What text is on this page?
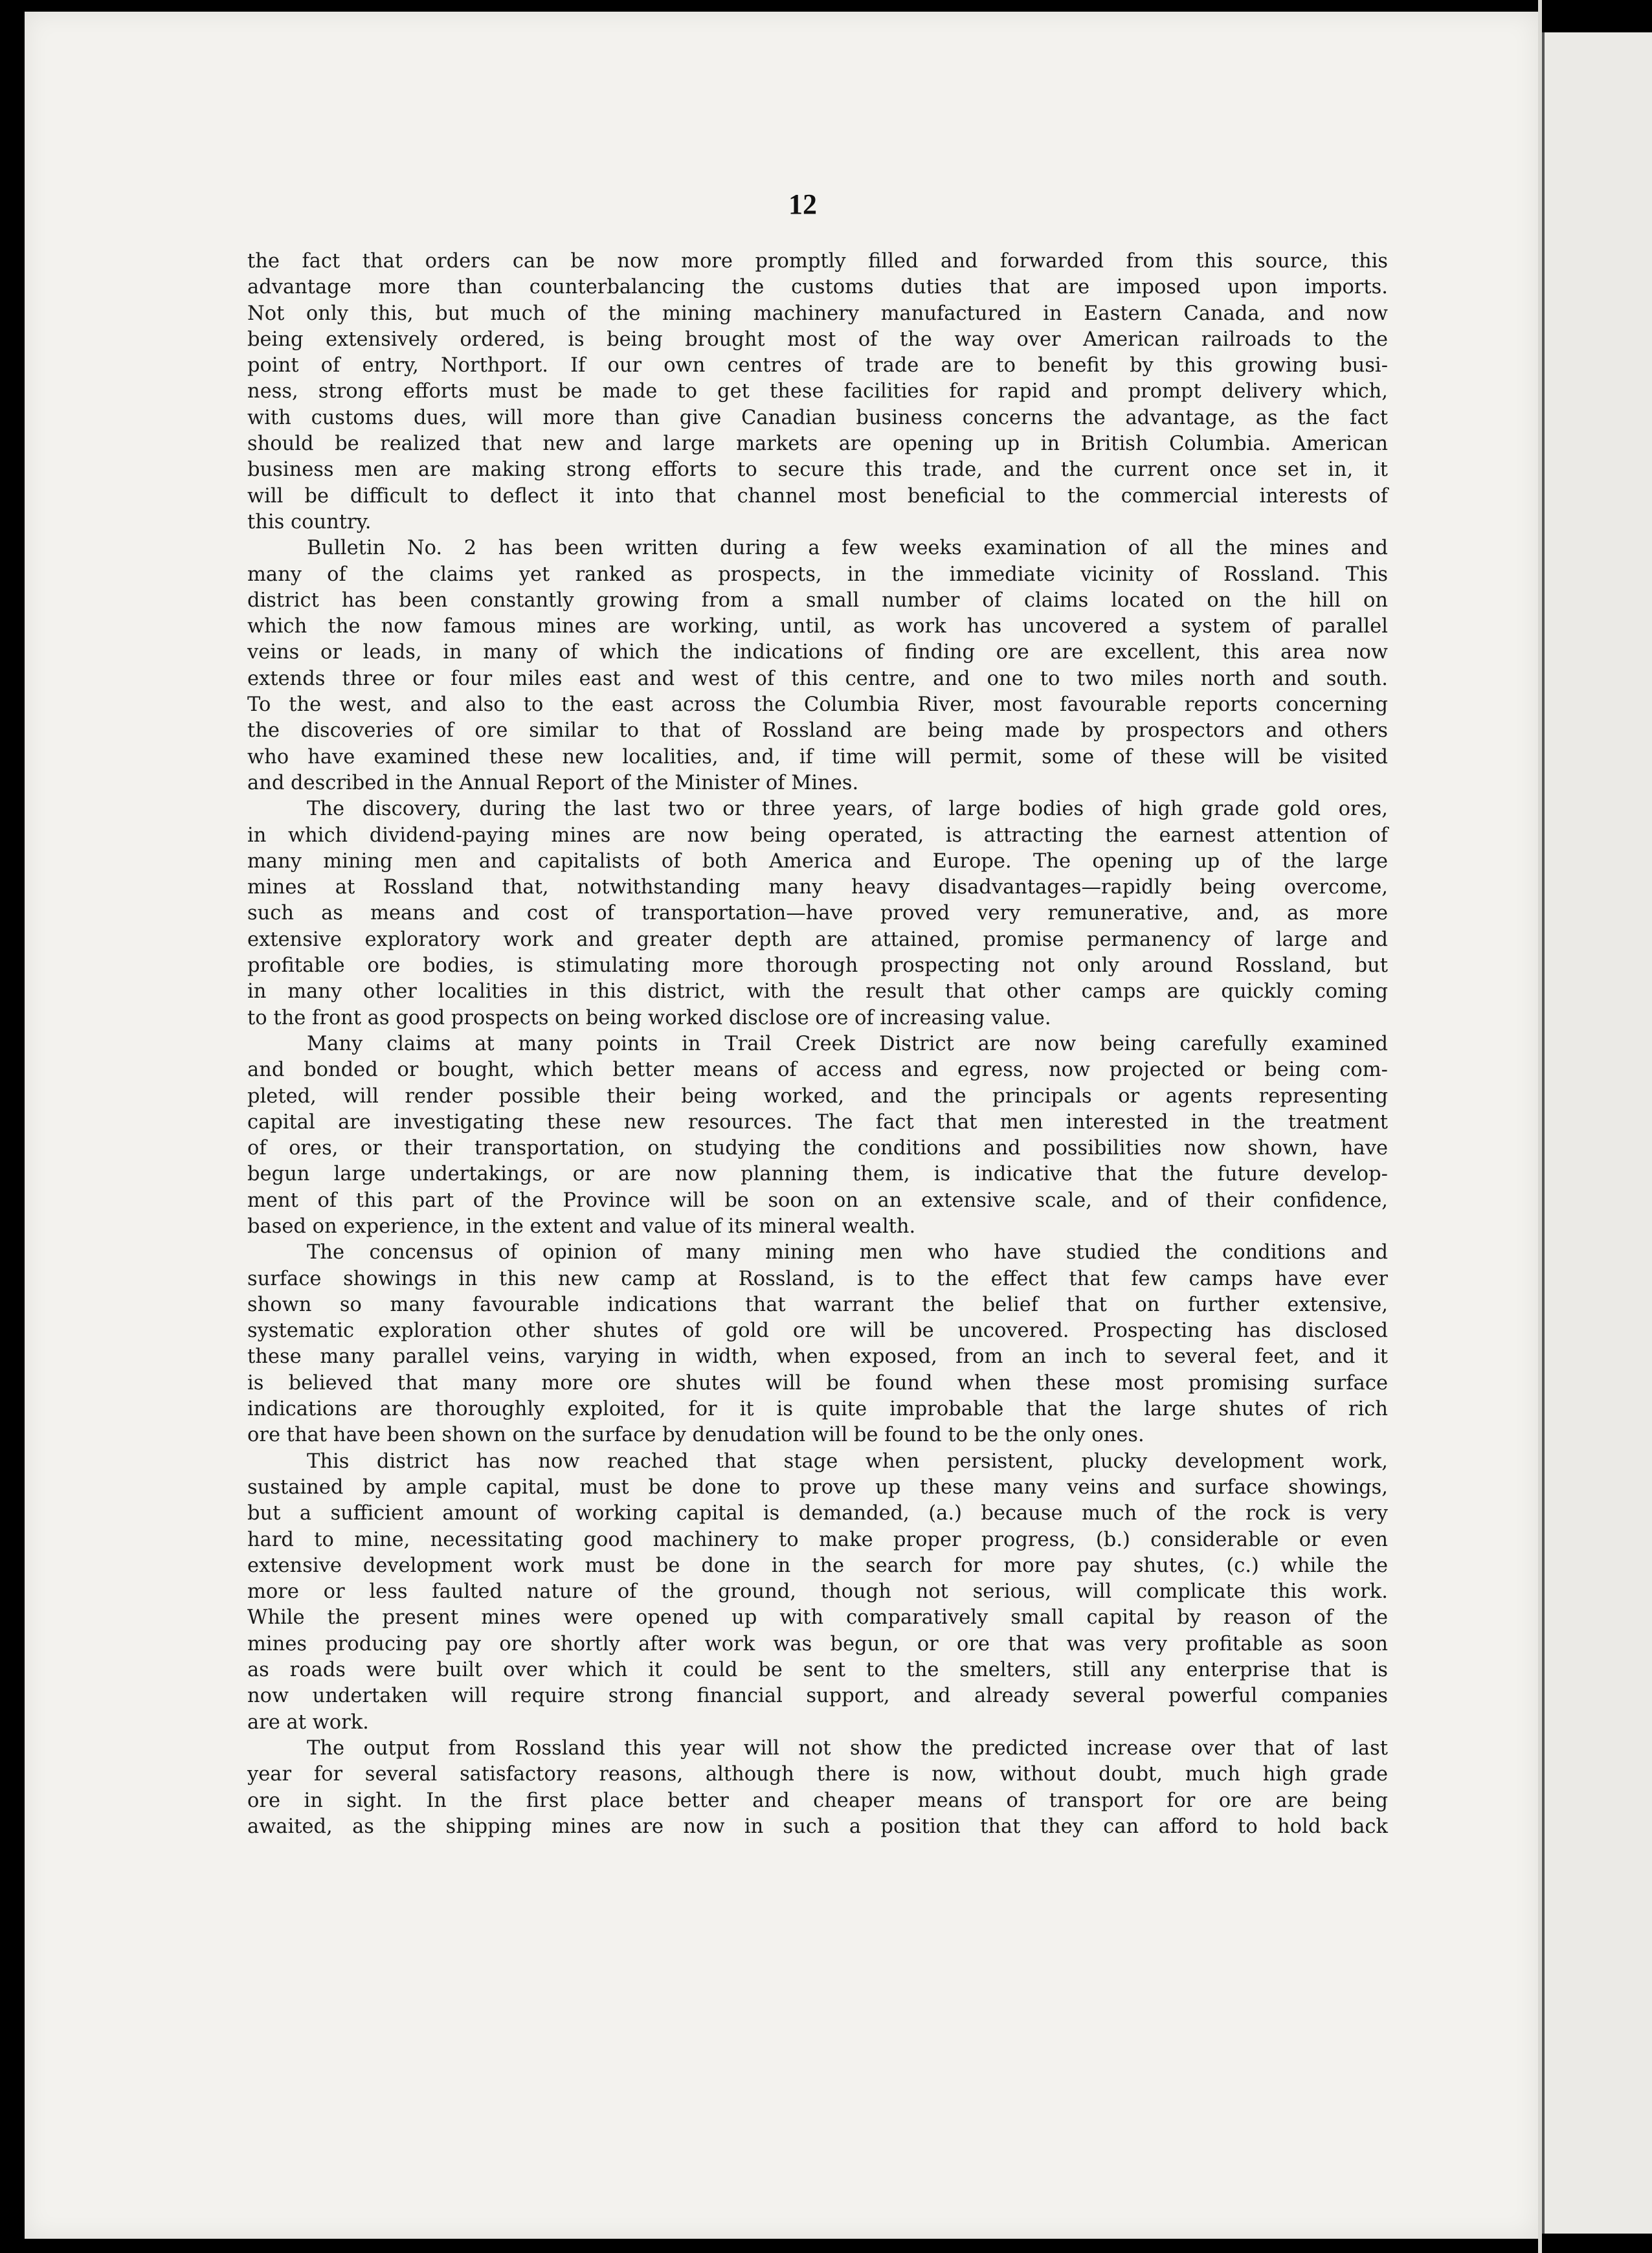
12
the fact that orders can be now more promptly filled and forwarded from this source, this
advantage more than counterbalancing the customs duties that are imposed upon imports.
Not only this, but much of the mining machinery manufactured in Eastern Canada, and now
being extensively ordered, is being brought most of the way over American railroads to the
point of entry, Northport. If our own centres of trade are to benefit by this growing busi-
ness, strong efforts must be made to get these facilities for rapid and prompt delivery which,
with customs dues, will more than give Canadian business concerns the advantage, as the fact
should be realized that new and large markets are opening up in British Columbia. American
business men are making strong efforts to secure this trade, and the current once set in, it
will be difficult to deflect it into that channel most beneficial to the commercial interests of
this country.
Bulletin No. 2 has been written during a few weeks examination of all the mines and
many of the claims yet ranked as prospects, in the immediate vicinity of Rossland. This
district has been constantly growing from a small number of claims located on the hill on
which the now famous mines are working, until, as work has uncovered a system of parallel
veins or leads, in many of which the indications of finding ore are excellent, this area now
extends three or four miles east and west of this centre, and one to two miles north and south.
To the west, and also to the east across the Columbia River, most favourable reports concerning
the discoveries of ore similar to that of Rossland are being made by prospectors and others
who have examined these new localities, and, if time will permit, some of these will be visited
and described in the Annual Report of the Minister of Mines.
The discovery, during the last two or three years, of large bodies of high grade gold ores,
in which dividend-paying mines are now being operated, is attracting the earnest attention of
many mining men and capitalists of both America and Europe. The opening up of the large
mines at Rossland that, notwithstanding many heavy disadvantages—rapidly being overcome,
such as means and cost of transportation—have proved very remunerative, and, as more
extensive exploratory work and greater depth are attained, promise permanency of large and
profitable ore bodies, is stimulating more thorough prospecting not only around Rossland, but
in many other localities in this district, with the result that other camps are quickly coming
to the front as good prospects on being worked disclose ore of increasing value.
Many claims at many points in Trail Creek District are now being carefully examined
and bonded or bought, which better means of access and egress, now projected or being com-
pleted, will render possible their being worked, and the principals or agents representing
capital are investigating these new resources. The fact that men interested in the treatment
of ores, or their transportation, on studying the conditions and possibilities now shown, have
begun large undertakings, or are now planning them, is indicative that the future develop-
ment of this part of the Province will be soon on an extensive scale, and of their confidence,
based on experience, in the extent and value of its mineral wealth.
The concensus of opinion of many mining men who have studied the conditions and
surface showings in this new camp at Rossland, is to the effect that few camps have ever
shown so many favourable indications that warrant the belief that on further extensive,
systematic exploration other shutes of gold ore will be uncovered. Prospecting has disclosed
these many parallel veins, varying in width, when exposed, from an inch to several feet, and it
is believed that many more ore shutes will be found when these most promising surface
indications are thoroughly exploited, for it is quite improbable that the large shutes of rich
ore that have been shown on the surface by denudation will be found to be the only ones.
This district has now reached that stage when persistent, plucky development work,
sustained by ample capital, must be done to prove up these many veins and surface showings,
but a sufficient amount of working capital is demanded, (a.) because much of the rock is very
hard to mine, necessitating good machinery to make proper progress, (b.) considerable or even
extensive development work must be done in the search for more pay shutes, (c.) while the
more or less faulted nature of the ground, though not serious, will complicate this work.
While the present mines were opened up with comparatively small capital by reason of the
mines producing pay ore shortly after work was begun, or ore that was very profitable as soon
as roads were built over which it could be sent to the smelters, still any enterprise that is
now undertaken will require strong financial support, and already several powerful companies
are at work.
The output from Rossland this year will not show the predicted increase over that of last
year for several satisfactory reasons, although there is now, without doubt, much high grade
ore in sight. In the first place better and cheaper means of transport for ore are being
awaited, as the shipping mines are now in such a position that they can afford to hold back
